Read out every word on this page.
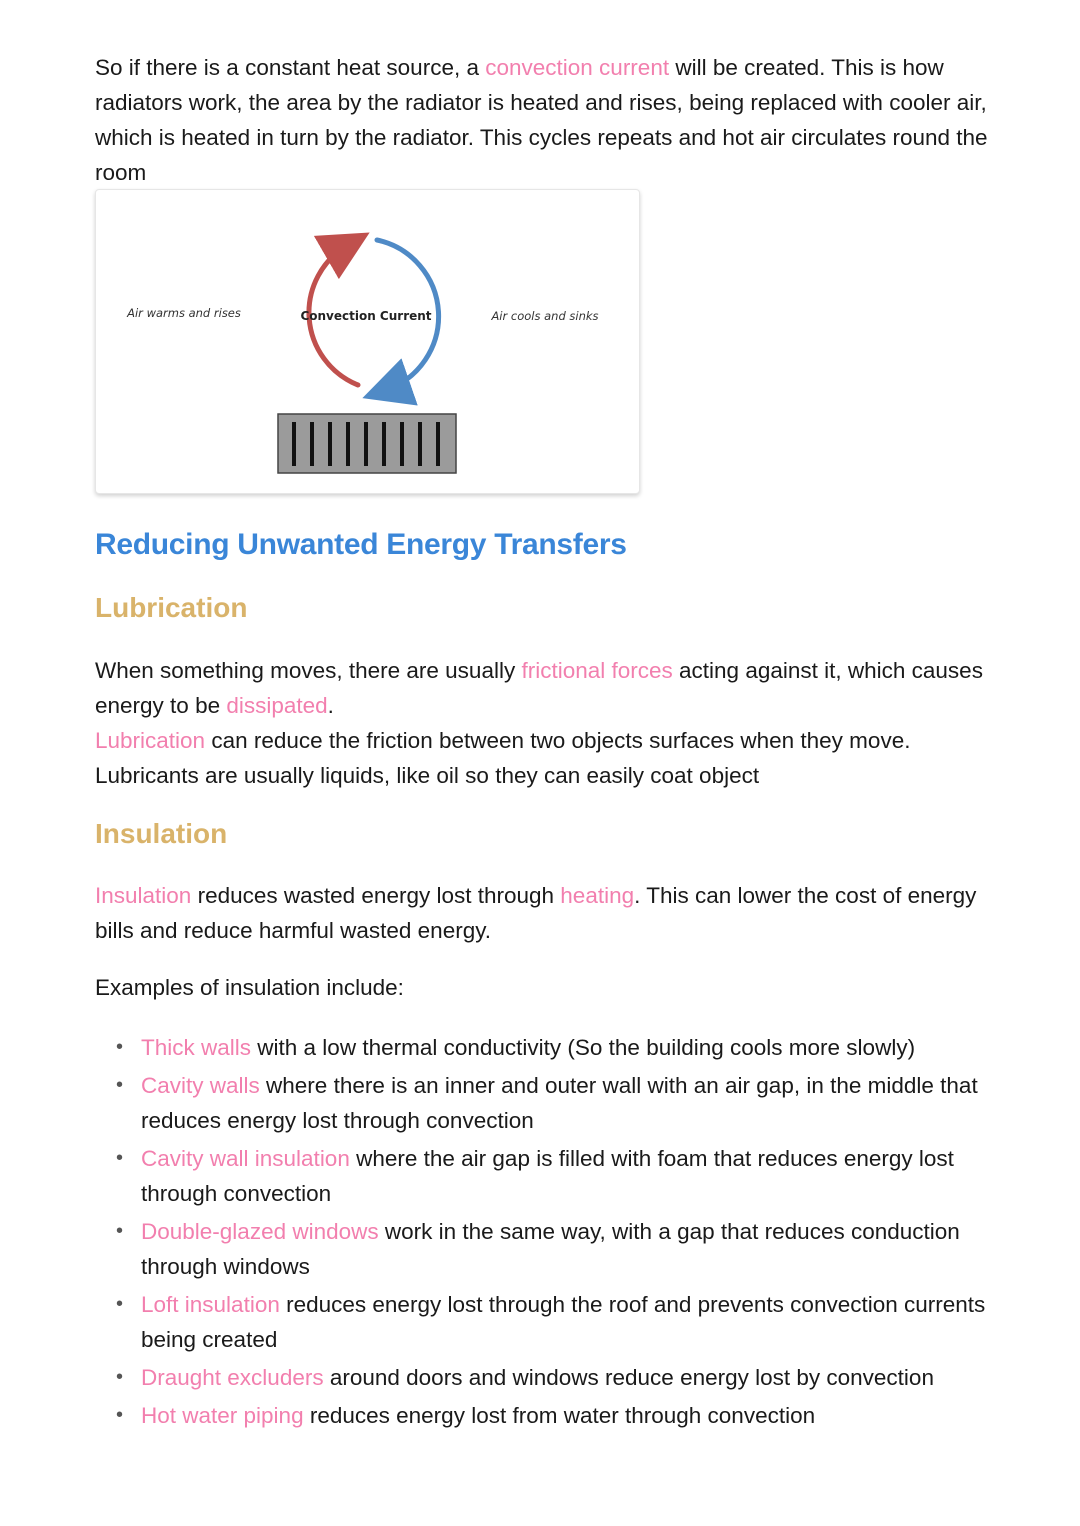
So if there is a constant heat source, a convection current will be created. This is how radiators work, the area by the radiator is heated and rises, being replaced with cooler air, which is heated in turn by the radiator. This cycles repeats and hot air circulates round the room

Air warms and rises	Convection Current	Air cools and sinks
Reducing Unwanted Energy Transfers
Lubrication

When something moves, there are usually frictional forces acting against it, which causes energy to be dissipated.

Lubrication can reduce the friction between two objects surfaces when they move. Lubricants are usually liquids, like oil so they can easily coat object

Insulation

Insulation reduces wasted energy lost through heating. This can lower the cost of energy bills and reduce harmful wasted energy.

Examples of insulation include:

• Thick walls with a low thermal conductivity (So the building cools more slowly)
• Cavity walls where there is an inner and outer wall with an air gap, in the middle that reduces energy lost through convection
• Cavity wall insulation where the air gap is filled with foam that reduces energy lost through convection
• Double-glazed windows work in the same way, with a gap that reduces conduction through windows
• Loft insulation reduces energy lost through the roof and prevents convection currents being created
• Draught excluders around doors and windows reduce energy lost by convection
• Hot water piping reduces energy lost from water through convection
